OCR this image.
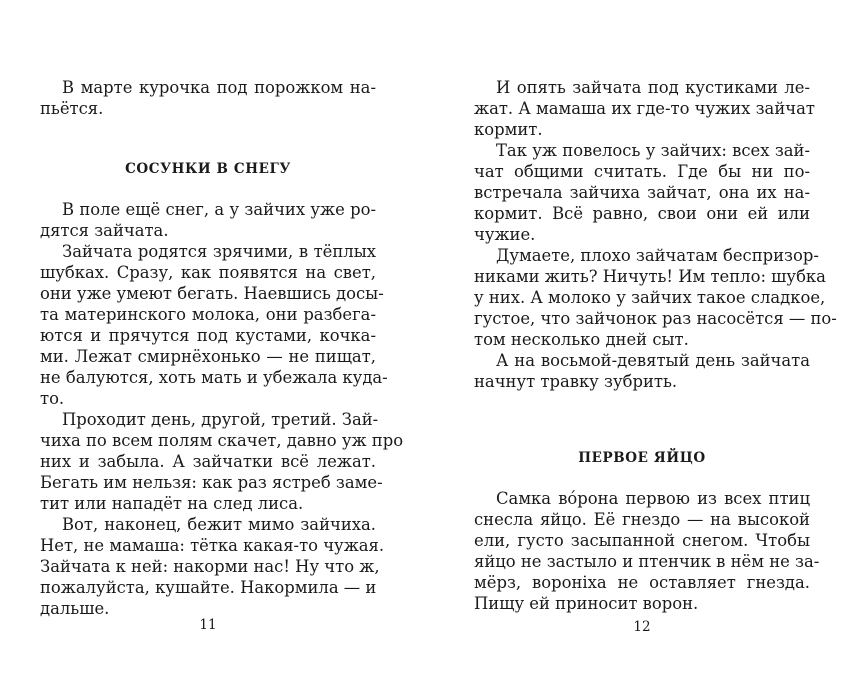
В марте курочка под порожком на-
пьётся.
СОСУНКИ В СНЕГУ
В поле ещё снег, а у зайчих уже ро-
дятся зайчата.
Зайчата родятся зрячими, в тёплых
шубках. Сразу, как появятся на свет,
они уже умеют бегать. Наевшись досы-
та материнского молока, они разбега-
ются и прячутся под кустами, кочка-
ми. Лежат смирнёхонько — не пищат,
не балуются, хоть мать и убежала куда-
то.
Проходит день, другой, третий. Зай-
чиха по всем полям скачет, давно уж про
них и забыла. А зайчатки всё лежат.
Бегать им нельзя: как раз ястреб заме-
тит или нападёт на след лиса.
Вот, наконец, бежит мимо зайчиха.
Нет, не мамаша: тётка какая-то чужая.
Зайчата к ней: накорми нас! Ну что ж,
пожалуйста, кушайте. Накормила — и
дальше.
11
И опять зайчата под кустиками ле-
жат. А мамаша их где-то чужих зайчат
кормит.
Так уж повелось у зайчих: всех зай-
чат общими считать. Где бы ни по-
встречала зайчиха зайчат, она их на-
кормит. Всё равно, свои они ей или
чужие.
Думаете, плохо зайчатам беспризор-
никами жить? Ничуть! Им тепло: шубка
у них. А молоко у зайчих такое сладкое,
густое, что зайчонок раз насосётся — по-
том несколько дней сыт.
А на восьмой-девятый день зайчата
начнут травку зубрить.
ПЕРВОЕ ЯЙЦО
Самка вóрона первою из всех птиц
снесла яйцо. Её гнездо — на высокой
ели, густо засыпанной снегом. Чтобы
яйцо не застыло и птенчик в нём не за-
мёрз, воронiха не оставляет гнезда.
Пищу ей приносит ворон.
12
